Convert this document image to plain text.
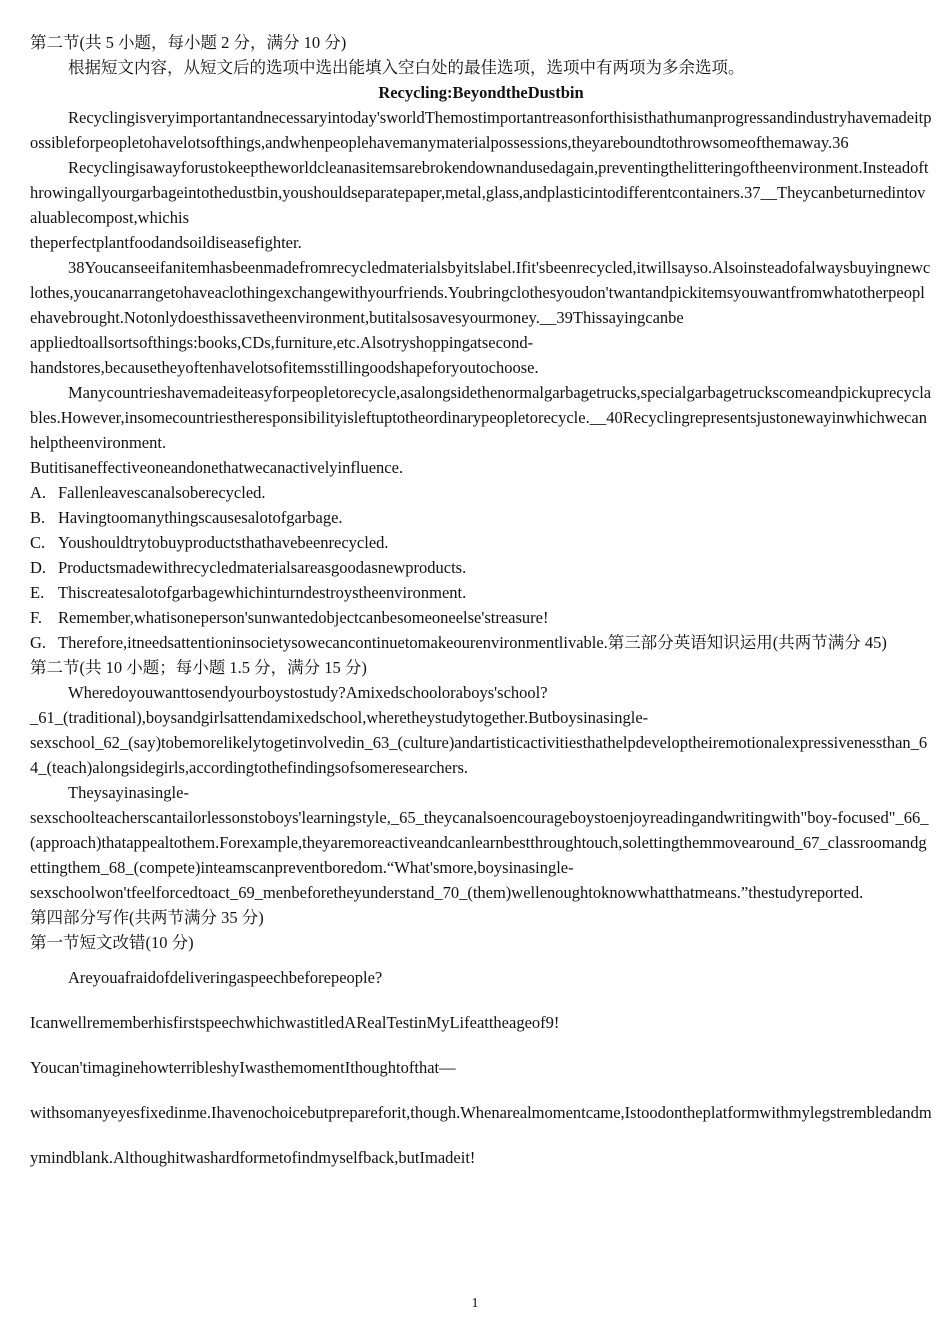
第二节(共 5 小题，每小题 2 分，满分 10 分)
根据短文内容，从短文后的选项中选出能填入空白处的最佳选项，选项中有两项为多余选项。
Recycling:BeyondtheDustbin
Recyclingisveryimportantandnecessaryintoday'sworldThemostimportantreasonforthisisthathumanprogressandindustryhavemadeitpossibleforpeopletohavelotsofthings,andwhenpeoplehavemanymaterialpossessions,theyareboundtothrowsomeofthemaway.36
Recyclingisawayforustokeeptheworldcleanasitemsarebrokendownandusedagain,preventingthelitteringoftheenvironment.Insteadofthrowingallyourgarbageintothedustbin,youshouldseparatepaper,metal,glass,andplasticintodifferentcontainers.37__Theycanbeturnedintovaluablecompost,whichis
theperfectplantfoodandsoildiseasefighter.
38Youcanseeifanitemhasbeenmadefromrecycledmaterialsbyitslabel.Ifit'sbeenrecycled,itwillsayso.Alsoinsteadofalwaysbuyingnewclothes,youcanarrangetohaveaclothingexchangewithyourfriends.Youbringclothesyoudon'twantandpickitemsyouwantfromwhatotherpeoplehavebrought.Notonlydoesthissavetheenvironment,butitalsosavesyourmoney.__39Thissayingcanbe
appliedtoallsortsofthings:books,CDs,furniture,etc.Alsotryshoppingatsecond-
handstores,becausetheyoftenhavelotsofitemsstillingoodshapeforyoutochoose.
Manycountrieshavemadeiteasyforpeopletorecycle,asalongsidethenormalgarbagetrucks,specialgarbagetruckscomeandpickuprecyclables.However,insomecountriestheresponsibilityisleftuptotheordinarypeopletorecycle.__40Recyclingrepresentsjustonewayinwhichwecanhelptheenvironment.
Butitisaneffectiveoneandonethatwecanactivelyinfluence.
A. Fallenleavescanalsoberecycled.
B. Havingtoomanythingscausesalotofgarbage.
C. Youshouldtrytobuyproductsthathavebeenrecycled.
D. Productsmadewithrecycledmaterialsareasgoodasnewproducts.
E. Thiscreatesalotofgarbagewhichinturndestroystheenvironment.
F. Remember,whatisoneperson'sunwantedobjectcanbesomeoneelse'streasure!
G. Therefore,itneedsattentioninsocietysowecancontinuetomakeourenvironmentlivable.第三部分英语知识运用(共两节满分 45)
第二节(共 10 小题；每小题 1.5 分，满分 15 分)
Wheredoyouwanttosendyourboystostudy?Amixedschooloraboys'school?
_61_(traditional),boysandgirlsattendamixedschool,wheretheystudytogether.Butboysinasingle-
sexschool_62_(say)tobemorelikelytogetinvolvedin_63_(culture)andartisticactivitiesthathelpdeveloptheiremotionalexpressivenessthan_64_(teach)alongsidegirls,accordingtothefindingsofsomeresearchers.
Theysayinasingle-
sexschoolteacherscantailorlessonstoboys'learningstyle,_65_theycanalsoencourageboystoenjoyreadingandwritingwith"boy-focused"_66_(approach)thatappealtothem.Forexample,theyaremoreactiveandcanlearnbestthroughtouch,solettingthemmovearound_67_classroomandgettingthem_68_(compete)inteamscanpreventboredom.“What'smore,boysinasingle-
sexschoolwon'tfeelforcedtoact_69_menbeforetheyunderstand_70_(them)wellenoughtoknowwhatthatmeans.”thestudyreported.
第四部分写作(共两节满分 35 分)
第一节短文改错(10 分)
Areyouafraidofdeliveringaspeechbeforepeople?
IcanwellrememberhisfirstspeechwhichwastitledARealTestinMyLifeattheageof9!
Youcan'timaginehowterribleshyIwasthemomentIthoughtofthat—
withsomanyeyesfixedinme.Ihavenochoicebutprepareforit,though.Whenarealmomentcame,Istoodontheplatformwithmylegstrembledandmymindblank.Althoughitwashardformetofindmyselfback,butImadeit!
1
